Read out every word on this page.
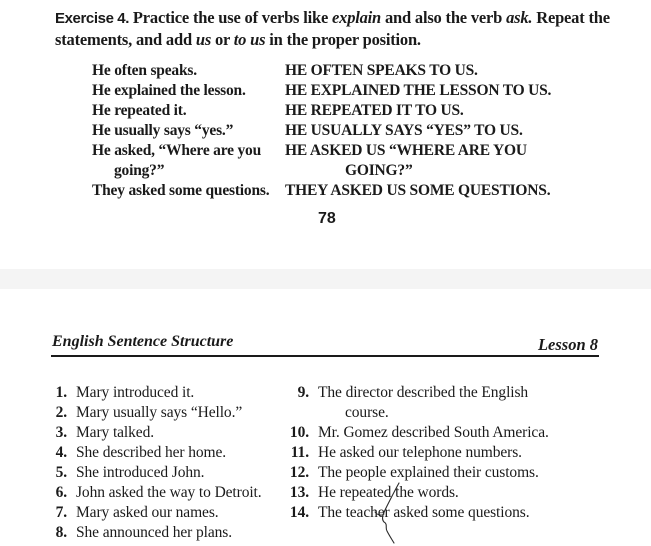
Exercise 4. Practice the use of verbs like explain and also the verb ask. Repeat the statements, and add us or to us in the proper position.
He often speaks.	HE OFTEN SPEAKS TO US.
He explained the lesson.	HE EXPLAINED THE LESSON TO US.
He repeated it.	HE REPEATED IT TO US.
He usually says “yes.”	HE USUALLY SAYS “YES” TO US.
He asked, “Where are you	HE ASKED US “WHERE ARE YOU
going?”	GOING?”
They asked some questions.	THEY ASKED US SOME QUESTIONS.
78
English Sentence Structure	Lesson 8
1. Mary introduced it.
2. Mary usually says “Hello.”
3. Mary talked.
4. She described her home.
5. She introduced John.
6. John asked the way to Detroit.
7. Mary asked our names.
8. She announced her plans.
9. The director described the English
course.
10. Mr. Gomez described South America.
11. He asked our telephone numbers.
12. The people explained their customs.
13. He repeated the words.
14. The teacher asked some questions.
